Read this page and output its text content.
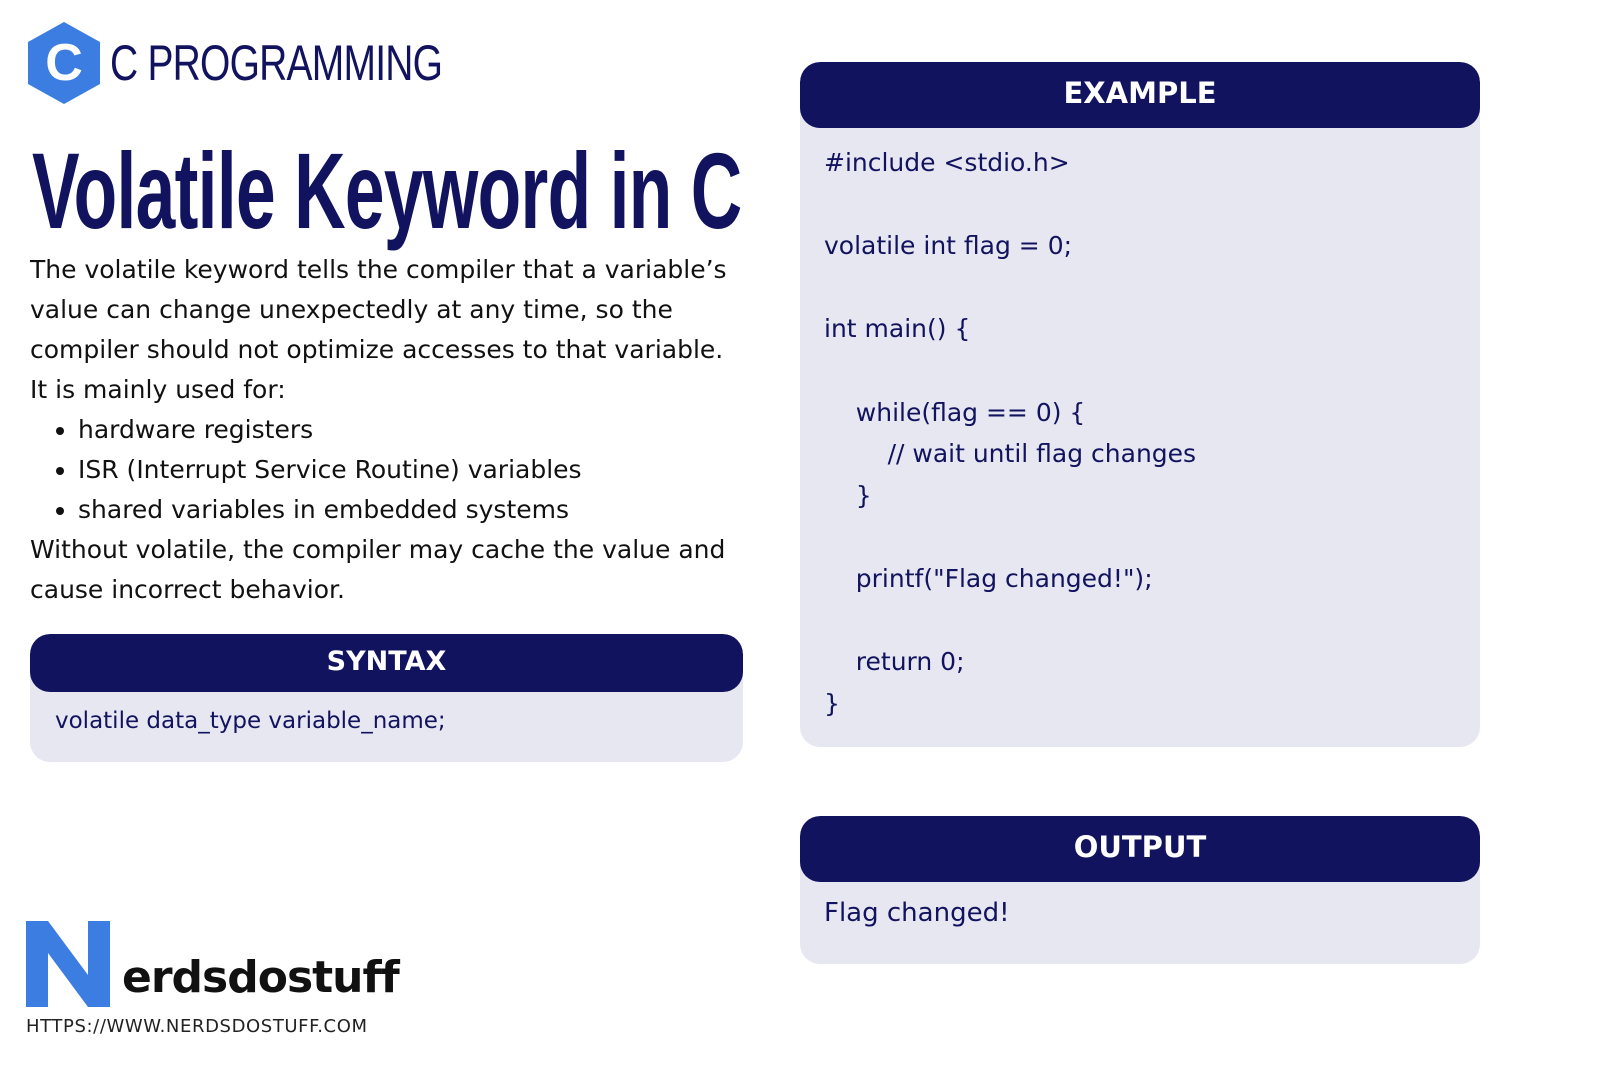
C C PROGRAMMING
Volatile Keyword in C

The volatile keyword tells the compiler that a variable’s value can change unexpectedly at any time, so the compiler should not optimize accesses to that variable.

It is mainly used for:

hardware registers
ISR (Interrupt Service Routine) variables
shared variables in embedded systems

Without volatile, the compiler may cache the value and cause incorrect behavior.

SYNTAX
volatile data_type variable_name;
EXAMPLE
#include <stdio.h>

volatile int flag = 0;

int main() {

while(flag == 0) {
// wait until flag changes
}

printf("Flag changed!");

return 0;
}
OUTPUT
Flag changed!
erdsdostuff
HTTPS://WWW.NERDSDOSTUFF.COM
